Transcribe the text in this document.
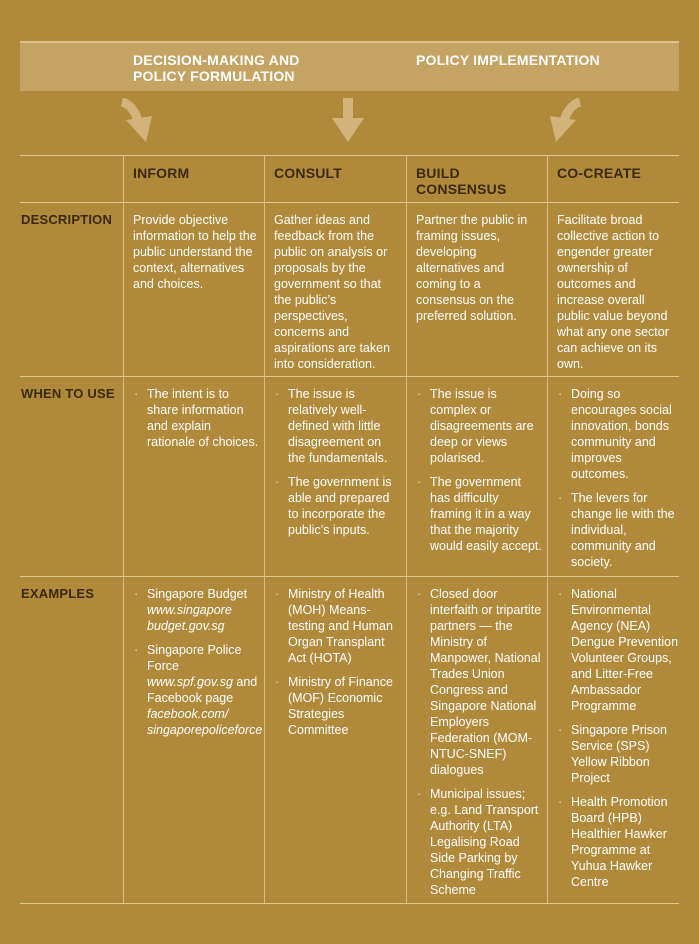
DECISION-MAKING AND POLICY FORMULATION
POLICY IMPLEMENTATION
INFORM	CONSULT	BUILD CONSENSUS
CO-CREATE
DESCRIPTION
WHEN TO USE
EXAMPLES

Provide objective information to help the public understand the context, alternatives and choices.

Gather ideas and feedback from the public on analysis or proposals by the government so that the public’s perspectives, concerns and aspirations are taken into consideration.

Partner the public in framing issues, developing alternatives and coming to a consensus on the preferred solution.

Facilitate broad collective action to engender greater ownership of outcomes and increase overall public value beyond what any one sector can achieve on its own.

· The intent is to share information and explain rationale of choices.
· The issue is relatively well-defined with little disagreement on the fundamentals.
· The government is able and prepared to incorporate the public’s inputs.
· The issue is complex or disagreements are deep or views polarised.
· The government has difficulty framing it in a way that the majority would easily accept.
· Doing so encourages social innovation, bonds community and improves outcomes.
· The levers for change lie with the individual, community and society.
· Singapore Budget www.singapore budget.gov.sg
· Singapore Police Force www.spf.gov.sg and Facebook page facebook.com/ singaporepoliceforce
· Ministry of Health (MOH) Means-testing and Human Organ Transplant Act (HOTA)
· Ministry of Finance (MOF) Economic Strategies Committee
· Closed door interfaith or tripartite partners — the Ministry of Manpower, National Trades Union Congress and Singapore National Employers Federation (MOM-NTUC-SNEF) dialogues
· Municipal issues; e.g. Land Transport Authority (LTA) Legalising Road Side Parking by Changing Traffic Scheme
· National Environmental Agency (NEA) Dengue Prevention Volunteer Groups, and Litter-Free Ambassador Programme
· Singapore Prison Service (SPS) Yellow Ribbon Project
· Health Promotion Board (HPB) Healthier Hawker Programme at Yuhua Hawker Centre
